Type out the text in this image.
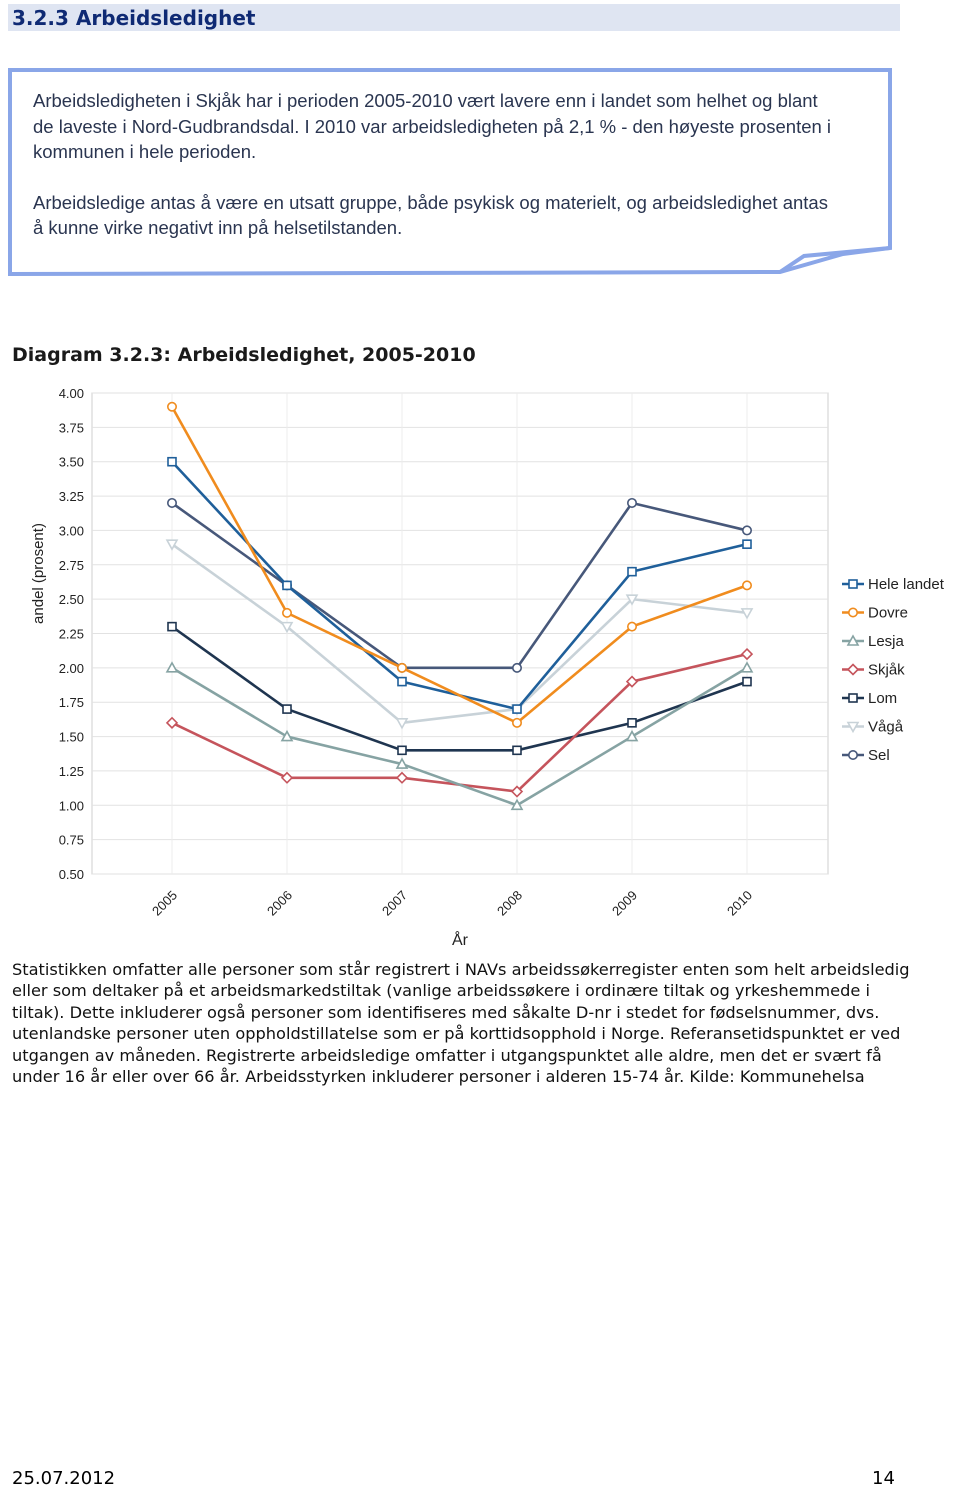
3.2.3 Arbeidsledighet

Arbeidsledigheten i Skjåk har i perioden 2005-2010 vært lavere enn i landet som helhet og blant de laveste i Nord-Gudbrandsdal. I 2010 var arbeidsledigheten på 2,1 % - den høyeste prosenten i kommunen i hele perioden.

Arbeidsledige antas å være en utsatt gruppe, både psykisk og materielt, og arbeidsledighet antas å kunne virke negativt inn på helsetilstanden.

Diagram 3.2.3: Arbeidsledighet, 2005-2010
4.00
3.75
3.50
3.25
3.00
2.75
2.50
2.25
2.00
1.75
1.50
1.25
1.00
0.75
0.50
2005	2006	2007	2008	2009	2010
andel (prosent)
År
Hele landet
Dovre
Lesja
Skjåk
Lom
Vågå
Sel
Statistikken omfatter alle personer som står registrert i NAVs arbeidssøkerregister enten som helt arbeidsledig eller som deltaker på et arbeidsmarkedstiltak (vanlige arbeidssøkere i ordinære tiltak og yrkeshemmede i tiltak). Dette inkluderer også personer som identifiseres med såkalte D-nr i stedet for fødselsnummer, dvs. utenlandske personer uten oppholdstillatelse som er på korttidsopphold i Norge. Referansetidspunktet er ved utgangen av måneden. Registrerte arbeidsledige omfatter i utgangspunktet alle aldre, men det er svært få under 16 år eller over 66 år. Arbeidsstyrken inkluderer personer i alderen 15-74 år. Kilde: Kommunehelsa
25.07.2012	14
